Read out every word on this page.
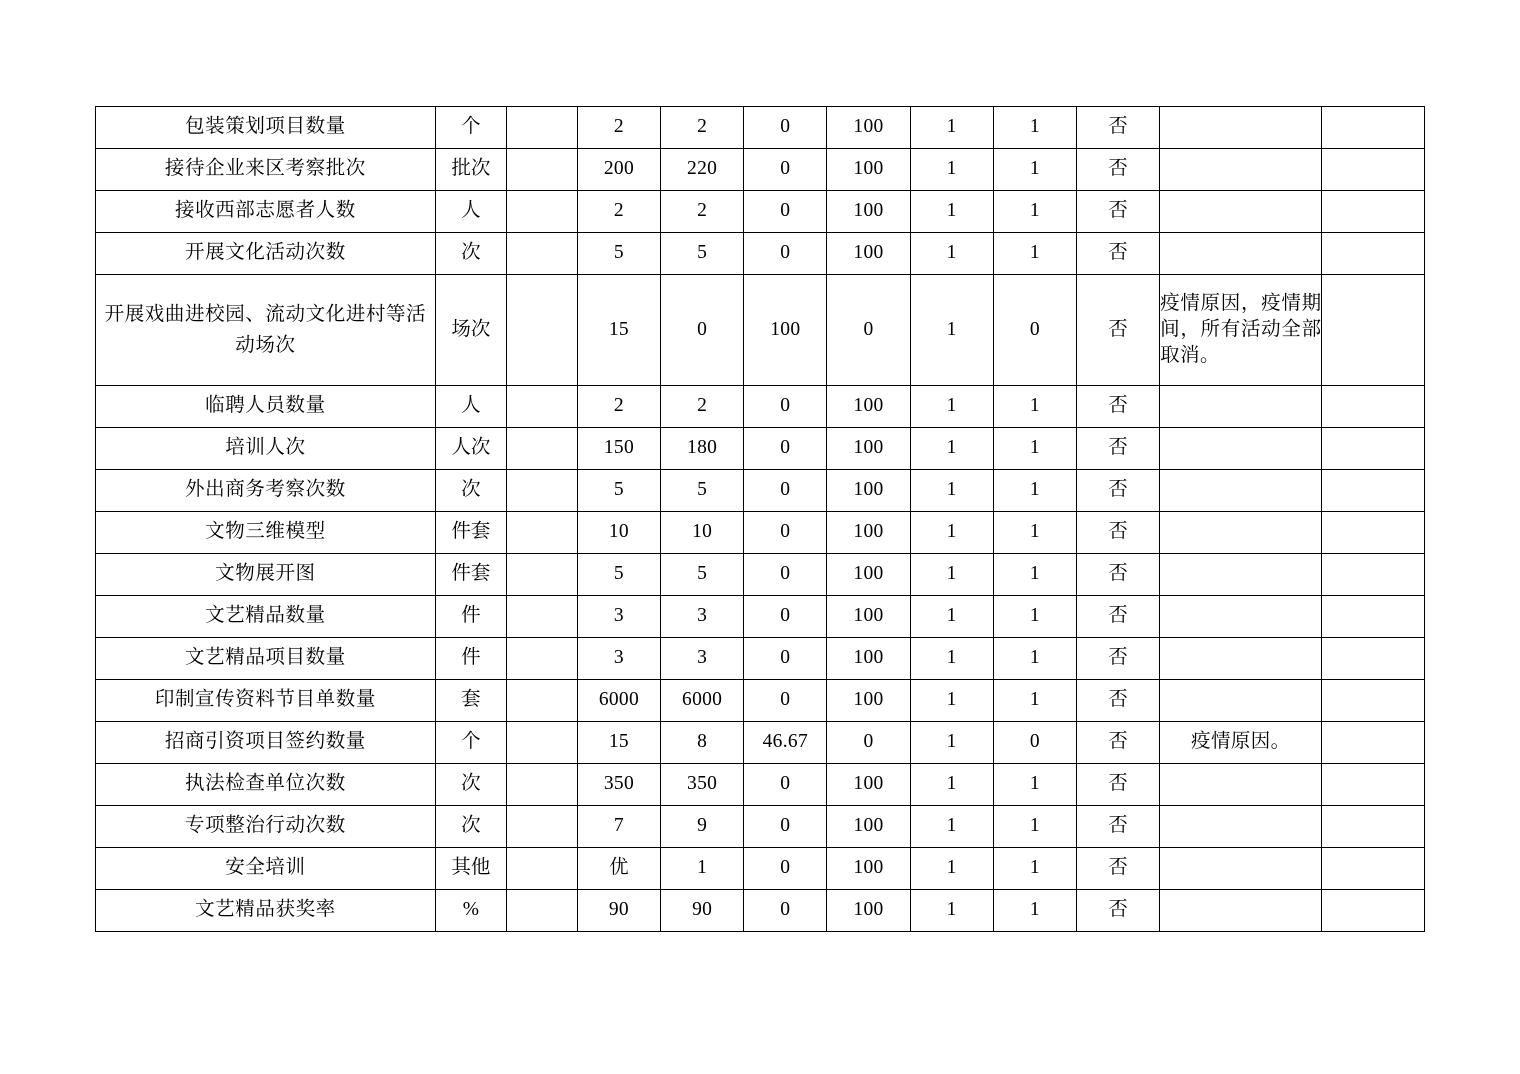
包装策划项目数量	个		2	2	0	100	1	1	否		
接待企业来区考察批次	批次		200	220	0	100	1	1	否		
接收西部志愿者人数	人		2	2	0	100	1	1	否		
开展文化活动次数	次		5	5	0	100	1	1	否		
开展戏曲进校园、流动文化进村等活动场次	场次		15	0	100	0	1	0	否	疫情原因，疫情期间，所有活动全部取消。	
临聘人员数量	人		2	2	0	100	1	1	否		
培训人次	人次		150	180	0	100	1	1	否		
外出商务考察次数	次		5	5	0	100	1	1	否		
文物三维模型	件套		10	10	0	100	1	1	否		
文物展开图	件套		5	5	0	100	1	1	否		
文艺精品数量	件		3	3	0	100	1	1	否		
文艺精品项目数量	件		3	3	0	100	1	1	否		
印制宣传资料节目单数量	套		6000	6000	0	100	1	1	否		
招商引资项目签约数量	个		15	8	46.67	0	1	0	否	疫情原因。	
执法检查单位次数	次		350	350	0	100	1	1	否		
专项整治行动次数	次		7	9	0	100	1	1	否		
安全培训	其他		优	1	0	100	1	1	否		
文艺精品获奖率	%		90	90	0	100	1	1	否		
